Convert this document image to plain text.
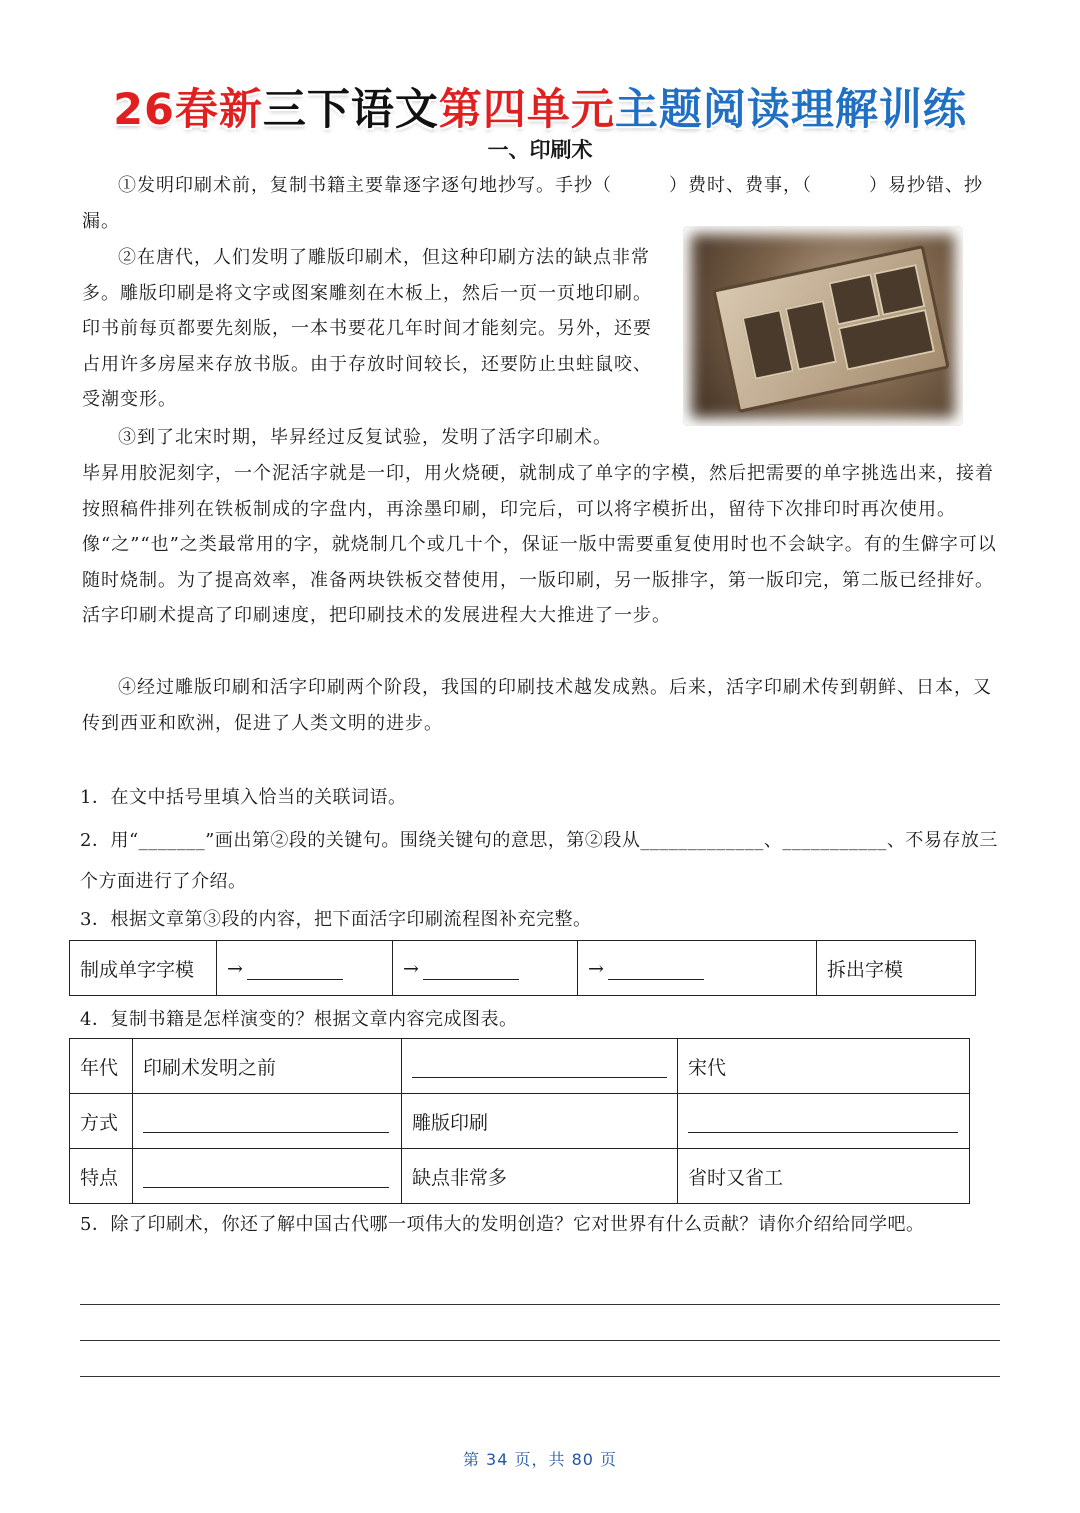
26春新三下语文第四单元主题阅读理解训练
一、印刷术

①发明印刷术前，复制书籍主要靠逐字逐句地抄写。手抄（　　　）费时、费事，（　　　）易抄错、抄漏。

②在唐代，人们发明了雕版印刷术，但这种印刷方法的缺点非常多。雕版印刷是将文字或图案雕刻在木板上，然后一页一页地印刷。印书前每页都要先刻版，一本书要花几年时间才能刻完。另外，还要占用许多房屋来存放书版。由于存放时间较长，还要防止虫蛀鼠咬、受潮变形。

③到了北宋时期，毕昇经过反复试验，发明了活字印刷术。

毕昇用胶泥刻字，一个泥活字就是一印，用火烧硬，就制成了单字的字模，然后把需要的单字挑选出来，接着按照稿件排列在铁板制成的字盘内，再涂墨印刷，印完后，可以将字模折出，留待下次排印时再次使用。像“之”“也”之类最常用的字，就烧制几个或几十个，保证一版中需要重复使用时也不会缺字。有的生僻字可以随时烧制。为了提高效率，准备两块铁板交替使用，一版印刷，另一版排字，第一版印完，第二版已经排好。活字印刷术提高了印刷速度，把印刷技术的发展进程大大推进了一步。

④经过雕版印刷和活字印刷两个阶段，我国的印刷技术越发成熟。后来，活字印刷术传到朝鲜、日本，又传到西亚和欧洲，促进了人类文明的进步。

1．在文中括号里填入恰当的关联词语。

2．用“_______”画出第②段的关键句。围绕关键句的意思，第②段从_____________、___________、不易存放三个方面进行了介绍。

3．根据文章第③段的内容，把下面活字印刷流程图补充完整。

制成单字字模	→	→	→	拆出字模

4．复制书籍是怎样演变的？根据文章内容完成图表。

年代	印刷术发明之前		宋代
方式		雕版印刷	
特点		缺点非常多	省时又省工

5．除了印刷术，你还了解中国古代哪一项伟大的发明创造？它对世界有什么贡献？请你介绍给同学吧。

第 34 页，共 80 页
